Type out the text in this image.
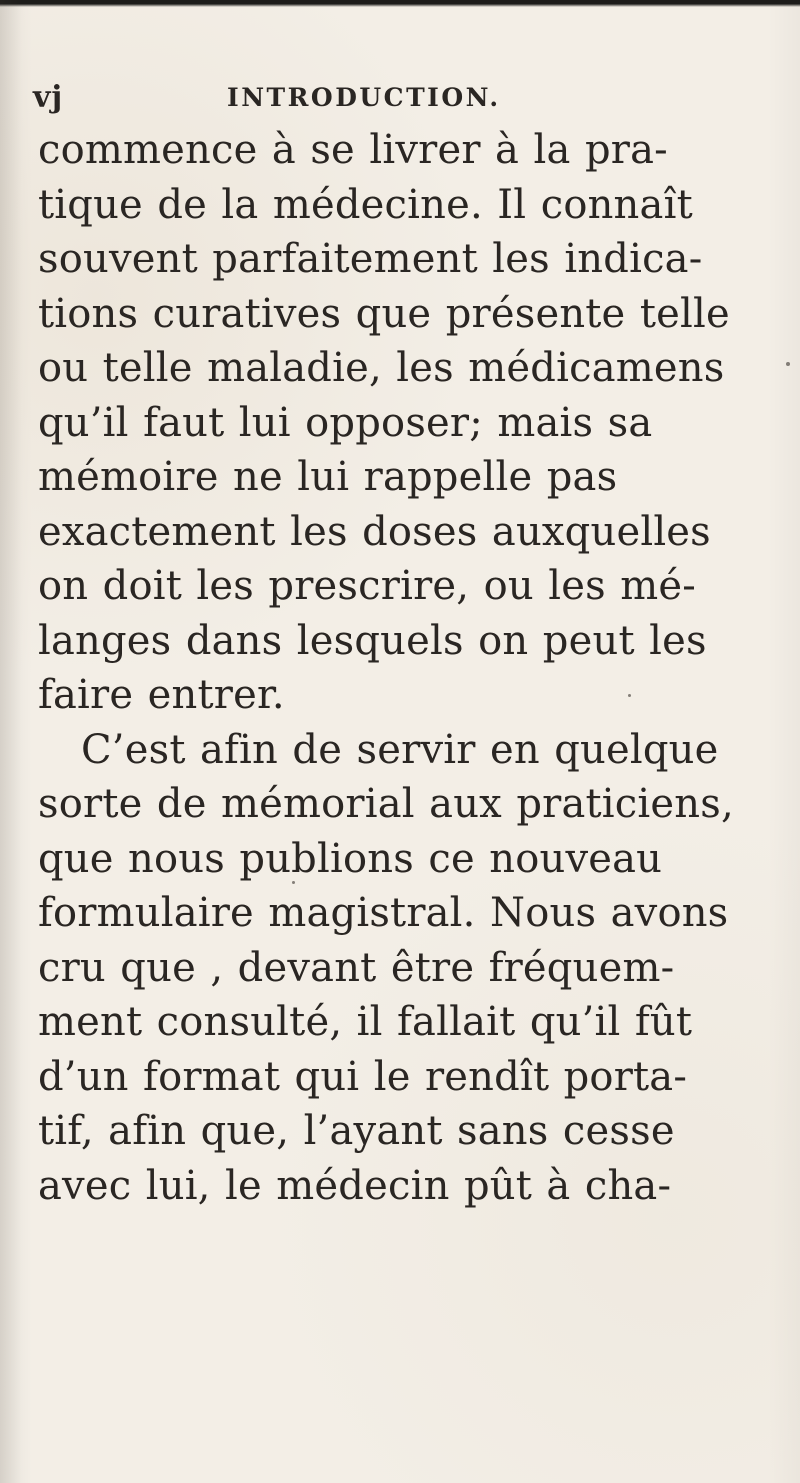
vj	INTRODUCTION.
commence à se livrer à la pra-
tique de la médecine. Il connaît
souvent parfaitement les indica-
tions curatives que présente telle
ou telle maladie, les médicamens
qu’il faut lui opposer; mais sa
mémoire ne lui rappelle pas
exactement les doses auxquelles
on doit les prescrire, ou les mé-
langes dans lesquels on peut les
faire entrer.
C’est afin de servir en quelque
sorte de mémorial aux praticiens,
que nous publions ce nouveau
formulaire magistral. Nous avons
cru que , devant être fréquem-
ment consulté, il fallait qu’il fût
d’un format qui le rendît porta-
tif, afin que, l’ayant sans cesse
avec lui, le médecin pût à cha-
